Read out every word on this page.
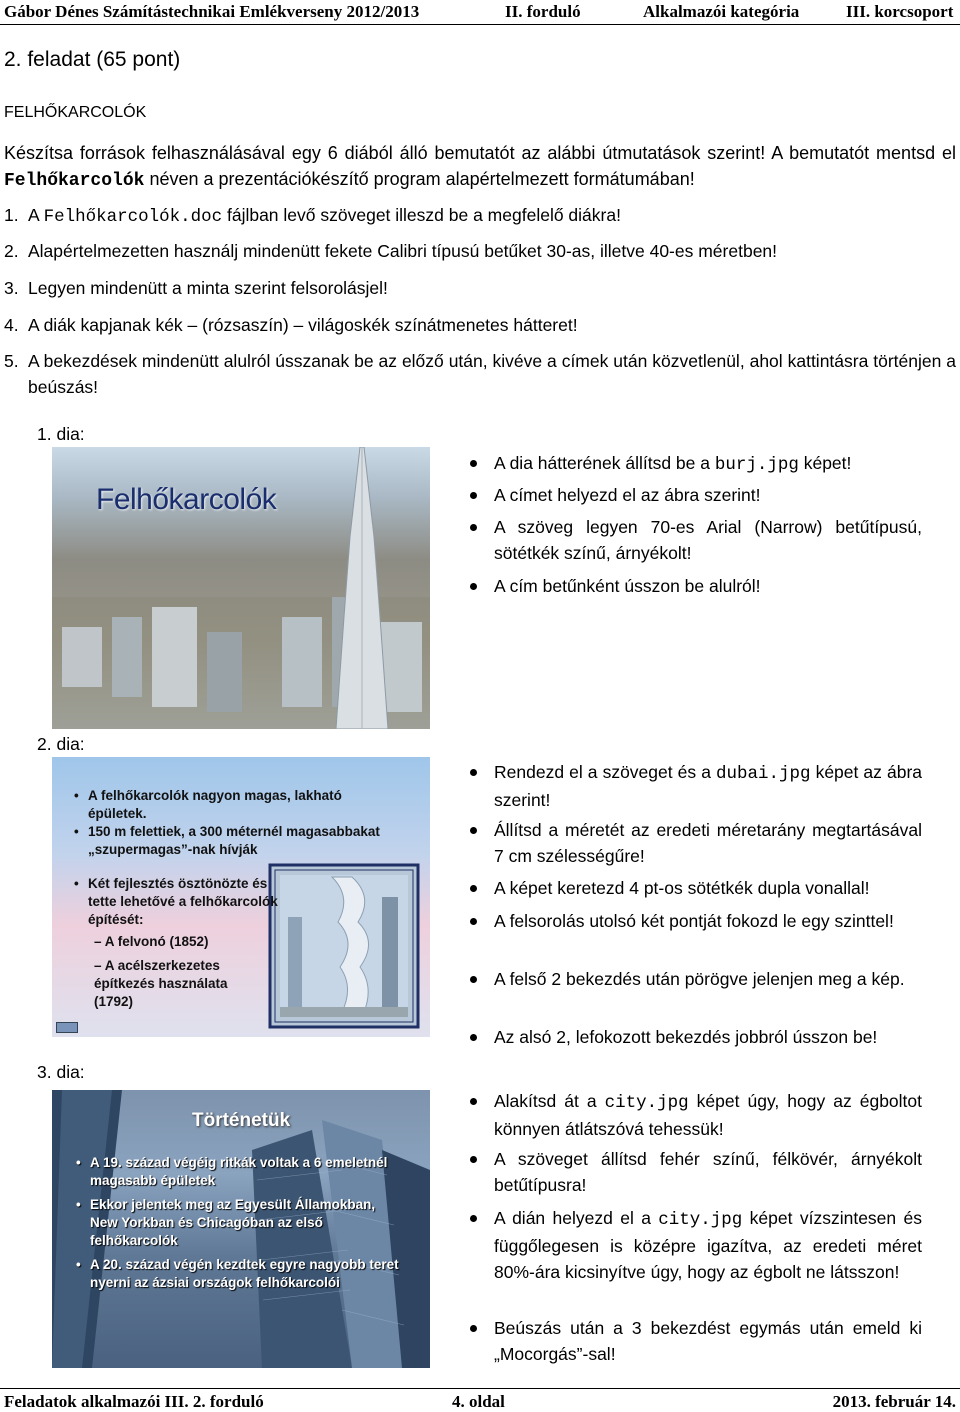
Gábor Dénes Számítástechnikai Emlékverseny 2012/2013	II. forduló	Alkalmazói kategória	III. korcsoport
2. feladat (65 pont)
FELHŐKARCOLÓK
Készítsa források felhasználásával egy 6 diából álló bemutatót az alábbi útmutatások szerint! A bemutatót mentsd el Felhőkarcolók néven a prezentációkészítő program alapértelmezett formátumában!
1. A Felhőkarcolók.doc fájlban levő szöveget illeszd be a megfelelő diákra!
2. Alapértelmezetten használj mindenütt fekete Calibri típusú betűket 30-as, illetve 40-es méretben!
3. Legyen mindenütt a minta szerint felsorolásjel!
4. A diák kapjanak kék – (rózsaszín) – világoskék színátmenetes hátteret!
5. A bekezdések mindenütt alulról ússzanak be az előző után, kivéve a címek után közvetlenül, ahol kattintásra történjen a beúszás!
1. dia:
Felhőkarcolók
A dia hátterének állítsd be a burj.jpg képet!
A címet helyezd el az ábra szerint!
A szöveg legyen 70-es Arial (Narrow) betűtípusú, sötétkék színű, árnyékolt!
A cím betűnként ússzon be alulról!
2. dia:
• A felhőkarcolók nagyon magas, lakható épületek.
• 150 m felettiek, a 300 méternél magasabbakat „szupermagas”-nak hívják
• Két fejlesztés ösztönözte és tette lehetővé a felhőkarcolók építését:
– A felvonó (1852)
– A acélszerkezetes építkezés használata (1792)
Rendezd el a szöveget és a dubai.jpg képet az ábra szerint!
Állítsd a méretét az eredeti méretarány megtartásával 7 cm szélességűre!
A képet keretezd 4 pt-os sötétkék dupla vonallal!
A felsorolás utolsó két pontját fokozd le egy szinttel!
A felső 2 bekezdés után pörögve jelenjen meg a kép.
Az alsó 2, lefokozott bekezdés jobbról ússzon be!
3. dia:
Történetük
• A 19. század végéig ritkák voltak a 6 emeletnél magasabb épületek
• Ekkor jelentek meg az Egyesült Államokban, New Yorkban és Chicagóban az első felhőkarcolók
• A 20. század végén kezdtek egyre nagyobb teret nyerni az ázsiai országok felhőkarcolói
Alakítsd át a city.jpg képet úgy, hogy az égboltot könnyen átlátszóvá tehessük!
A szöveget állítsd fehér színű, félkövér, árnyékolt betűtípusra!
A dián helyezd el a city.jpg képet vízszintesen és függőlegesen is középre igazítva, az eredeti méret 80%-ára kicsinyítve úgy, hogy az égbolt ne látsszon!
Beúszás után a 3 bekezdést egymás után emeld ki „Mocorgás”-sal!
Feladatok alkalmazói III. 2. forduló	4. oldal	2013. február 14.
